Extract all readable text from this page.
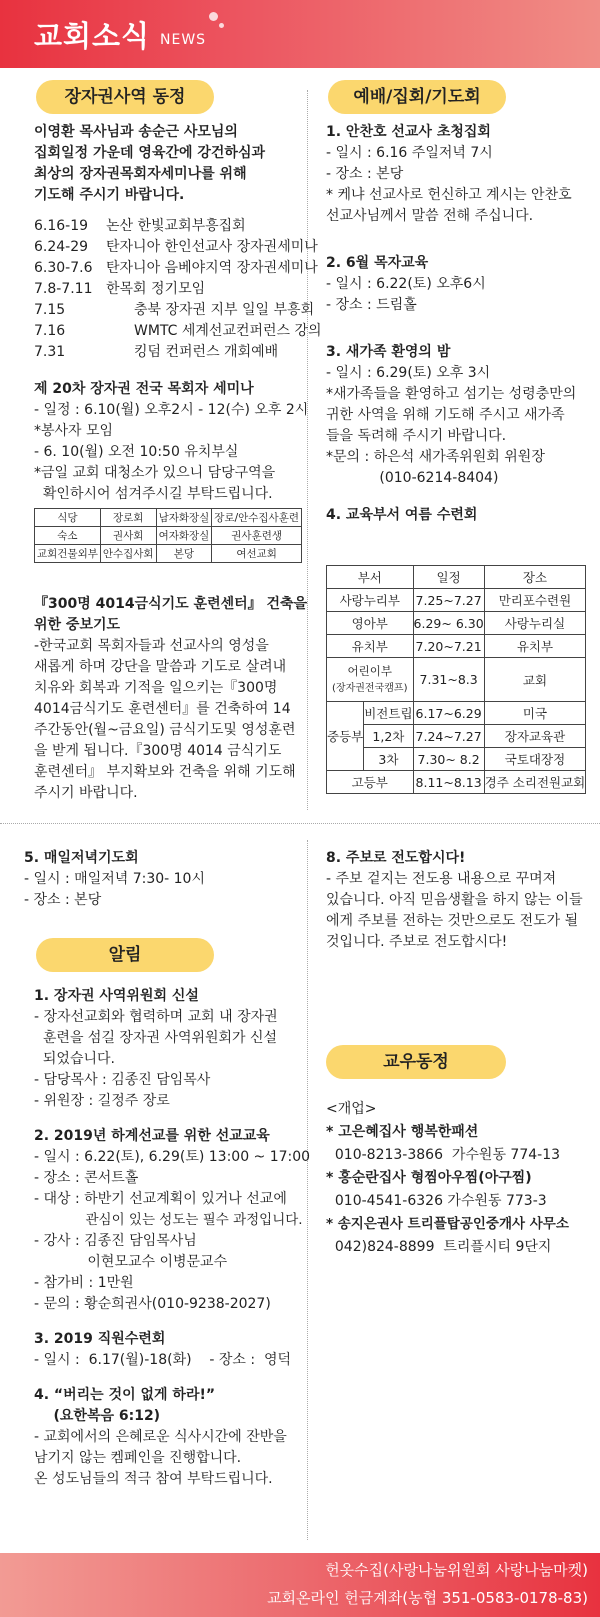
교회소식 NEWS
장자권사역 동정
이영환 목사님과 송순근 사모님의
집회일정 가운데 영육간에 강건하심과
최상의 장자권목회자세미나를 위해
기도해 주시기 바랍니다.
6.16-19	논산 한빛교회부흥집회
6.24-29	탄자니아 한인선교사 장자권세미나
6.30-7.6 탄자니아 음베야지역 장자권세미나
7.8-7.11 한목회 정기모임
7.15	충북 장자권 지부 일일 부흥회
7.16	WMTC 세계선교컨퍼런스 강의
7.31	킹덤 컨퍼런스 개회예배
제 20차 장자권 전국 목회자 세미나
- 일정 : 6.10(월) 오후2시 - 12(수) 오후 2시
*봉사자 모임
- 6. 10(월) 오전 10:50 유치부실
*금일 교회 대청소가 있으니 담당구역을
확인하시어 섬겨주시길 부탁드립니다.
식당	장로회	남자화장실	장로/안수집사훈련
숙소	권사회	여자화장실	권사훈련생
교회건물외부	안수집사회	본당	여선교회
『300명 4014금식기도 훈련센터』 건축을
위한 중보기도
-한국교회 목회자들과 선교사의 영성을
새롭게 하며 강단을 말씀과 기도로 살려내
치유와 회복과 기적을 일으키는『300명
4014금식기도 훈련센터』를 건축하여 14
주간동안(월~금요일) 금식기도및 영성훈련
을 받게 됩니다.『300명 4014 금식기도
훈련센터』 부지확보와 건축을 위해 기도해
주시기 바랍니다.
예배/집회/기도회
1. 안찬호 선교사 초청집회
- 일시 : 6.16 주일저녁 7시
- 장소 : 본당
* 케냐 선교사로 헌신하고 계시는 안찬호
선교사님께서 말씀 전해 주십니다.
2. 6월 목자교육
- 일시 : 6.22(토) 오후6시
- 장소 : 드림홀
3. 새가족 환영의 밤
- 일시 : 6.29(토) 오후 3시
*새가족들을 환영하고 섬기는 성령충만의
귀한 사역을 위해 기도해 주시고 새가족
들을 독려해 주시기 바랍니다.
*문의 : 하은석 새가족위원회 위원장
(010-6214-8404)
4. 교육부서 여름 수련회
부서		일정	장소
사랑누리부		7.25~7.27	만리포수련원
영아부		6.29~ 6.30	사랑누리실
유치부		7.20~7.21	유치부

어린이부
(장자권전국캠프)		7.31~8.3	교회
중등부	비전트립	6.17~6.29	미국
	1,2차	7.24~7.27	장자교육관
	3차	7.30~ 8.2	국토대장정
고등부		8.11~8.13	경주 소리전원교회
5. 매일저녁기도회
- 일시 : 매일저녁 7:30- 10시
- 장소 : 본당
알림
1. 장자권 사역위원회 신설
- 장자선교회와 협력하며 교회 내 장자권
훈련을 섬길 장자권 사역위원회가 신설
되었습니다.
- 담당목사 : 김종진 담임목사
- 위원장 : 길정주 장로
2. 2019년 하계선교를 위한 선교교육
- 일시 : 6.22(토), 6.29(토) 13:00 ~ 17:00
- 장소 : 콘서트홀
- 대상 : 하반기 선교계획이 있거나 선교에
관심이 있는 성도는 필수 과정입니다.
- 강사 : 김종진 담임목사님
이현모교수 이병문교수
- 참가비 : 1만원
- 문의 : 황순희권사(010-9238-2027)
3. 2019 직원수련회
- 일시 :  6.17(월)-18(화)    - 장소 :  영덕
4. “버리는 것이 없게 하라!”
(요한복음 6:12)
- 교회에서의 은혜로운 식사시간에 잔반을
남기지 않는 켐페인을 진행합니다.
온 성도님들의 적극 참여 부탁드립니다.
8. 주보로 전도합시다!
- 주보 겉지는 전도용 내용으로 꾸며져
있습니다. 아직 믿음생활을 하지 않는 이들
에게 주보를 전하는 것만으로도 전도가 될
것입니다. 주보로 전도합시다!
교우동정
<개업>
* 고은혜집사 행복한패션
010-8213-3866  가수원동 774-13
* 홍순란집사 형찜아우찜(아구찜)
010-4541-6326 가수원동 773-3
* 송지은권사 트리플탑공인중개사 사무소
042)824-8899  트리플시티 9단지
헌옷수집(사랑나눔위원회 사랑나눔마켓)
교회온라인 헌금계좌(농협 351-0583-0178-83)
